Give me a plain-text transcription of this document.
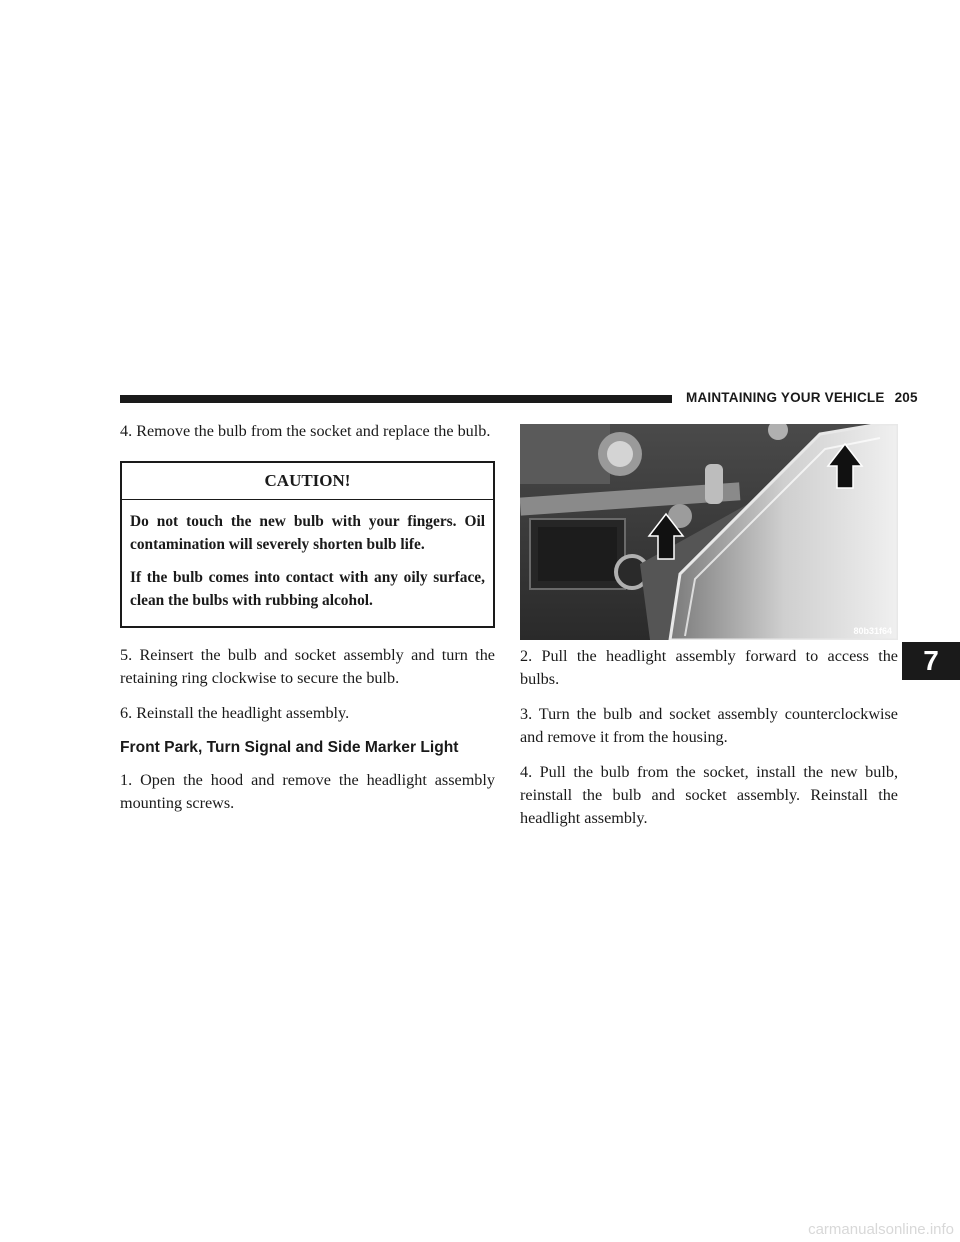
MAINTAINING YOUR VEHICLE 205

4. Remove the bulb from the socket and replace the bulb.

CAUTION!

Do not touch the new bulb with your fingers. Oil contamination will severely shorten bulb life.

If the bulb comes into contact with any oily surface, clean the bulbs with rubbing alcohol.

5. Reinsert the bulb and socket assembly and turn the retaining ring clockwise to secure the bulb.

6. Reinstall the headlight assembly.

Front Park, Turn Signal and Side Marker Light

1. Open the hood and remove the headlight assembly mounting screws.

80b31f64

2. Pull the headlight assembly forward to access the bulbs.

3. Turn the bulb and socket assembly counterclockwise and remove it from the housing.

4. Pull the bulb from the socket, install the new bulb, reinstall the bulb and socket assembly. Reinstall the headlight assembly.

7
carmanualsonline.info
